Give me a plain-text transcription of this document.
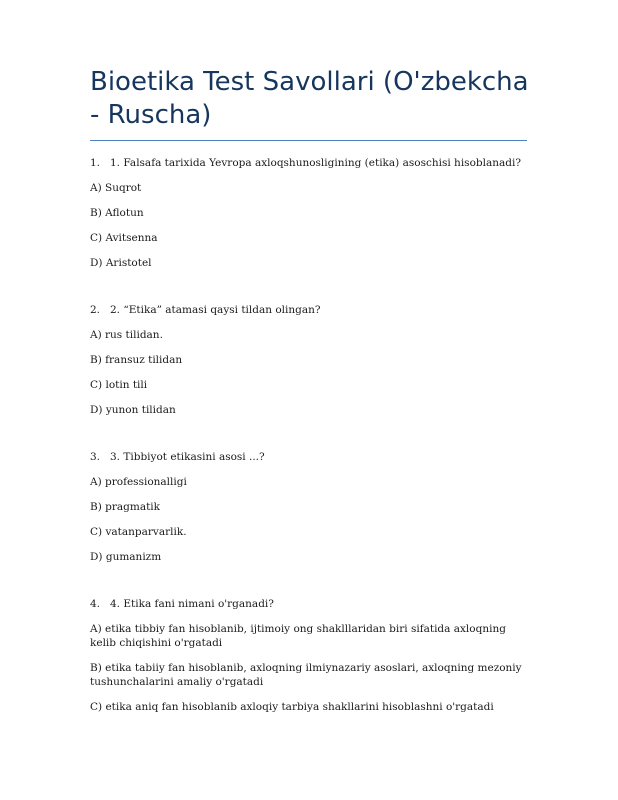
Bioetika Test Savollari (O'zbekcha - Ruscha)
1. 1. Falsafa tarixida Yevropa axloqshunosligining (etika) asoschisi hisoblanadi?
A) Suqrot
B) Aflotun
C) Avitsenna
D) Aristotel
2. 2. “Etika” atamasi qaysi tildan olingan?
A) rus tilidan.
B) fransuz tilidan
C) lotin tili
D) yunon tilidan
3. 3. Tibbiyot etikasini asosi ...?
A) professionalligi
B) pragmatik
C) vatanparvarlik.
D) gumanizm
4. 4. Etika fani nimani o'rganadi?
A) etika tibbiy fan hisoblanib, ijtimoiy ong shaklllaridan biri sifatida axloqning kelib chiqishini o'rgatadi
B) etika tabiiy fan hisoblanib, axloqning ilmiynazariy asoslari, axloqning mezoniy tushunchalarini amaliy o'rgatadi
C) etika aniq fan hisoblanib axloqiy tarbiya shakllarini hisoblashni o'rgatadi
